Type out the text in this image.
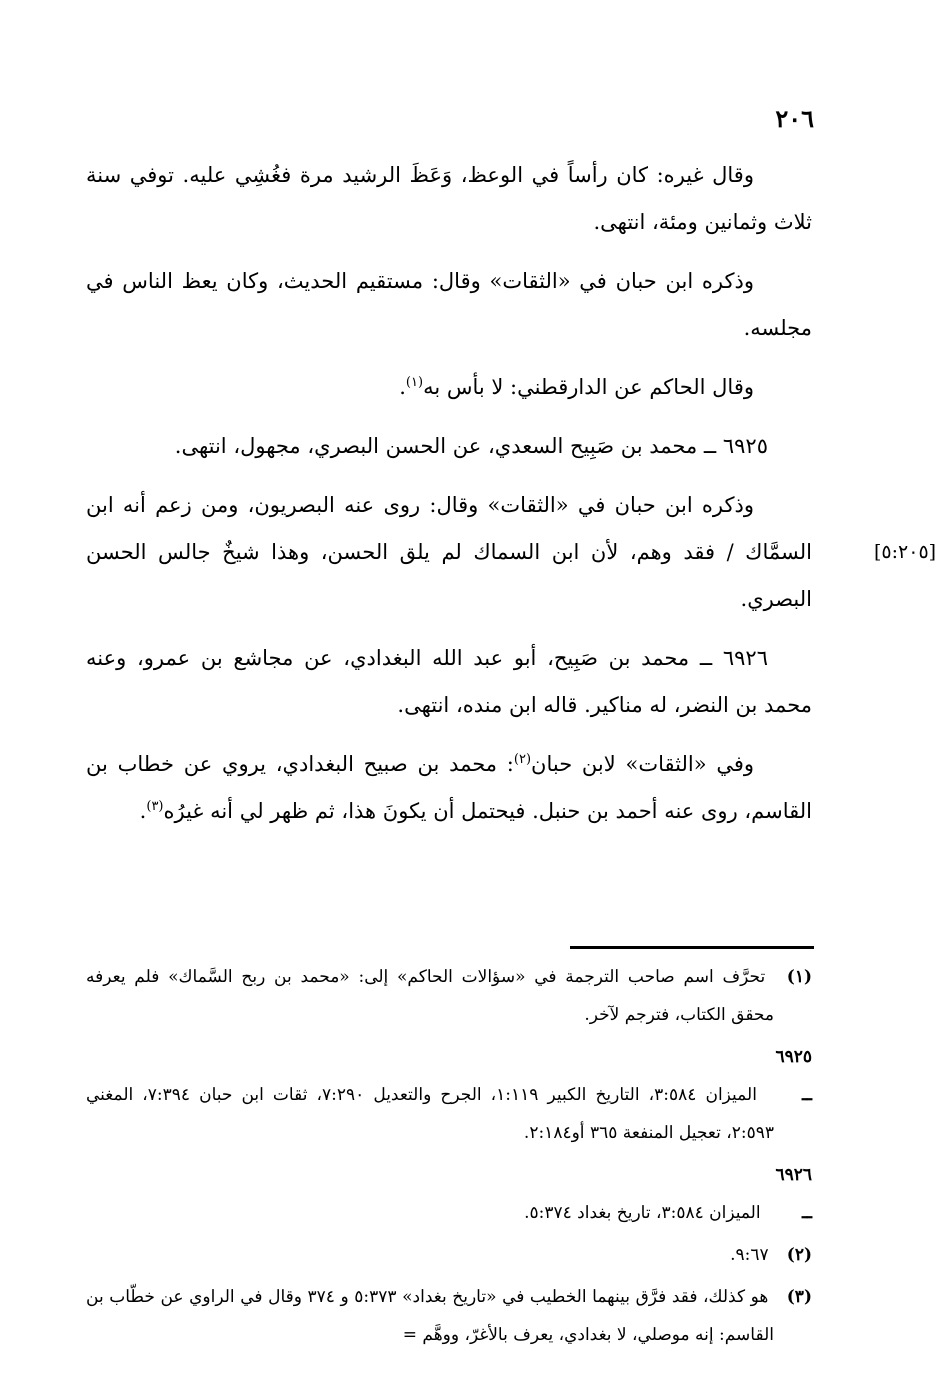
٢٠٦

وقال غيره: كان رأساً في الوعظ، وَعَظَ الرشيد مرة فغُشِي عليه. توفي سنة ثلاث وثمانين ومئة، انتهى.

وذكره ابن حبان في «الثقات» وقال: مستقيم الحديث، وكان يعظ الناس في مجلسه.

وقال الحاكم عن الدارقطني: لا بأس به$^{(١)}$.

٦٩٢٥ ــ محمد بن صَبِيح السعدي، عن الحسن البصري، مجهول، انتهى.

[٥:٢٠٥]
وذكره ابن حبان في «الثقات» وقال: روى عنه البصريون، ومن زعم أنه ابن السمَّاك / فقد وهم، لأن ابن السماك لم يلق الحسن، وهذا شيخٌ جالس الحسن البصري.

٦٩٢٦ ــ محمد بن صَبِيح، أبو عبد الله البغدادي، عن مجاشع بن عمرو، وعنه محمد بن النضر، له مناكير. قاله ابن منده، انتهى.

وفي «الثقات» لابن حبان$^{(٢)}$: محمد بن صبيح البغدادي، يروي عن خطاب بن القاسم، روى عنه أحمد بن حنبل. فيحتمل أن يكونَ هذا، ثم ظهر لي أنه غيرُه$^{(٣)}$.

(١) تحرَّف اسم صاحب الترجمة في «سؤالات الحاكم» إلى: «محمد بن ربح السَّماك» فلم يعرفه محقق الكتاب، فترجم لآخر.

٦٩٢٥ ــ الميزان ٣:٥٨٤، التاريخ الكبير ١:١١٩، الجرح والتعديل ٧:٢٩٠، ثقات ابن حبان ٧:٣٩٤، المغني ٢:٥٩٣، تعجيل المنفعة ٣٦٥ أو٢:١٨٤.

٦٩٢٦ ــ الميزان ٣:٥٨٤، تاريخ بغداد ٥:٣٧٤.

(٢) ٩:٦٧.

(٣) هو كذلك، فقد فرَّق بينهما الخطيب في «تاريخ بغداد» ٥:٣٧٣ و ٣٧٤ وقال في الراوي عن خطّاب بن القاسم: إنه موصلي، لا بغدادي، يعرف بالأغرّ، ووهَّم =
